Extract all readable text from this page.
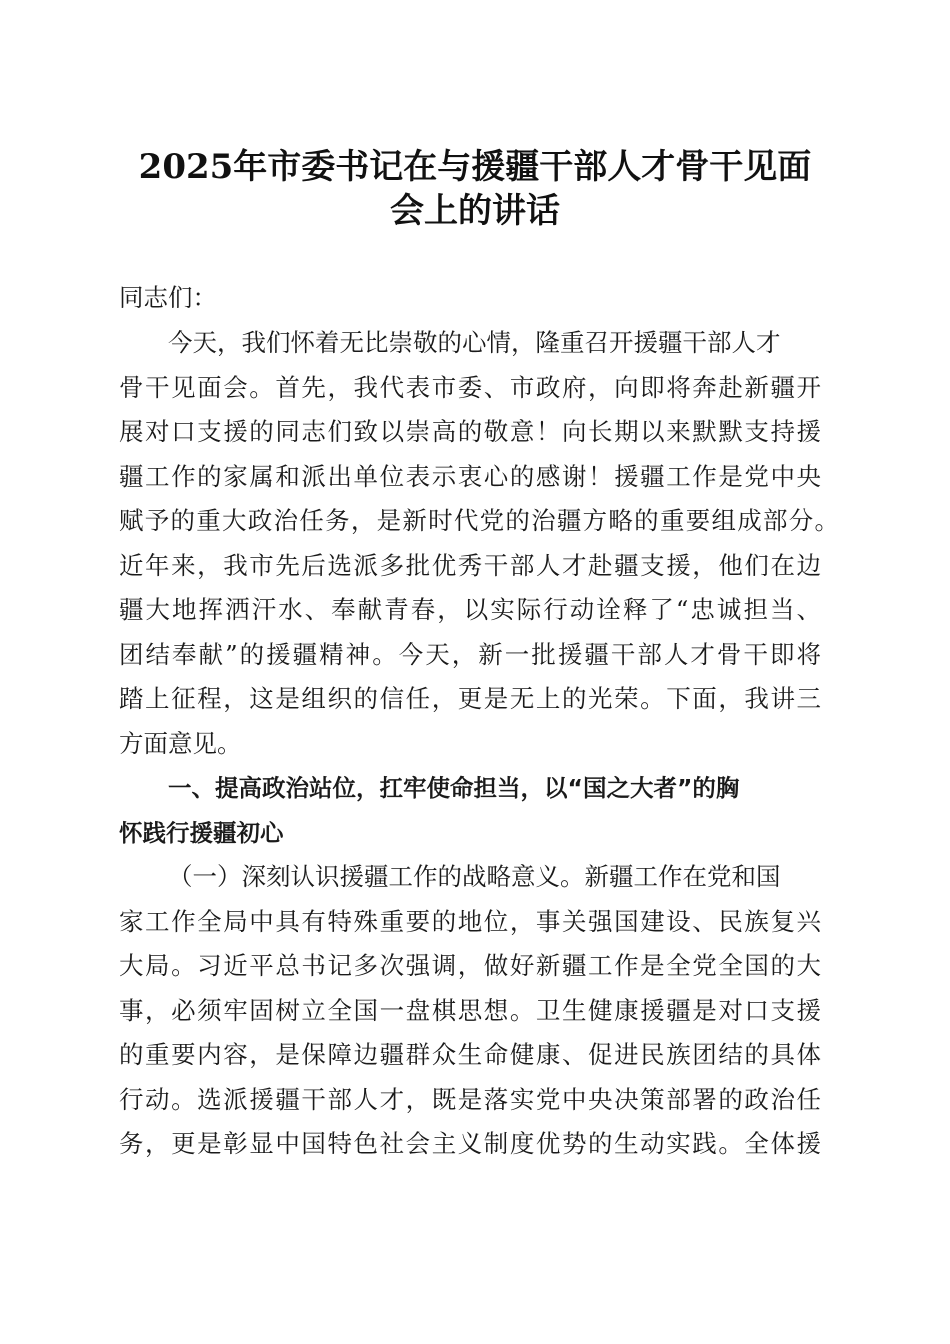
2025年市委书记在与援疆干部人才骨干见面
会上的讲话
同志们：
今天，我们怀着无比崇敬的心情，隆重召开援疆干部人才
骨干见面会。首先，我代表市委、市政府，向即将奔赴新疆开
展对口支援的同志们致以崇高的敬意！向长期以来默默支持援
疆工作的家属和派出单位表示衷心的感谢！援疆工作是党中央
赋予的重大政治任务，是新时代党的治疆方略的重要组成部分。
近年来，我市先后选派多批优秀干部人才赴疆支援，他们在边
疆大地挥洒汗水、奉献青春，以实际行动诠释了“忠诚担当、
团结奉献”的援疆精神。今天，新一批援疆干部人才骨干即将
踏上征程，这是组织的信任，更是无上的光荣。下面，我讲三
方面意见。
一、提高政治站位，扛牢使命担当，以“国之大者”的胸
怀践行援疆初心
（一）深刻认识援疆工作的战略意义。新疆工作在党和国
家工作全局中具有特殊重要的地位，事关强国建设、民族复兴
大局。习近平总书记多次强调，做好新疆工作是全党全国的大
事，必须牢固树立全国一盘棋思想。卫生健康援疆是对口支援
的重要内容，是保障边疆群众生命健康、促进民族团结的具体
行动。选派援疆干部人才，既是落实党中央决策部署的政治任
务，更是彰显中国特色社会主义制度优势的生动实践。全体援
